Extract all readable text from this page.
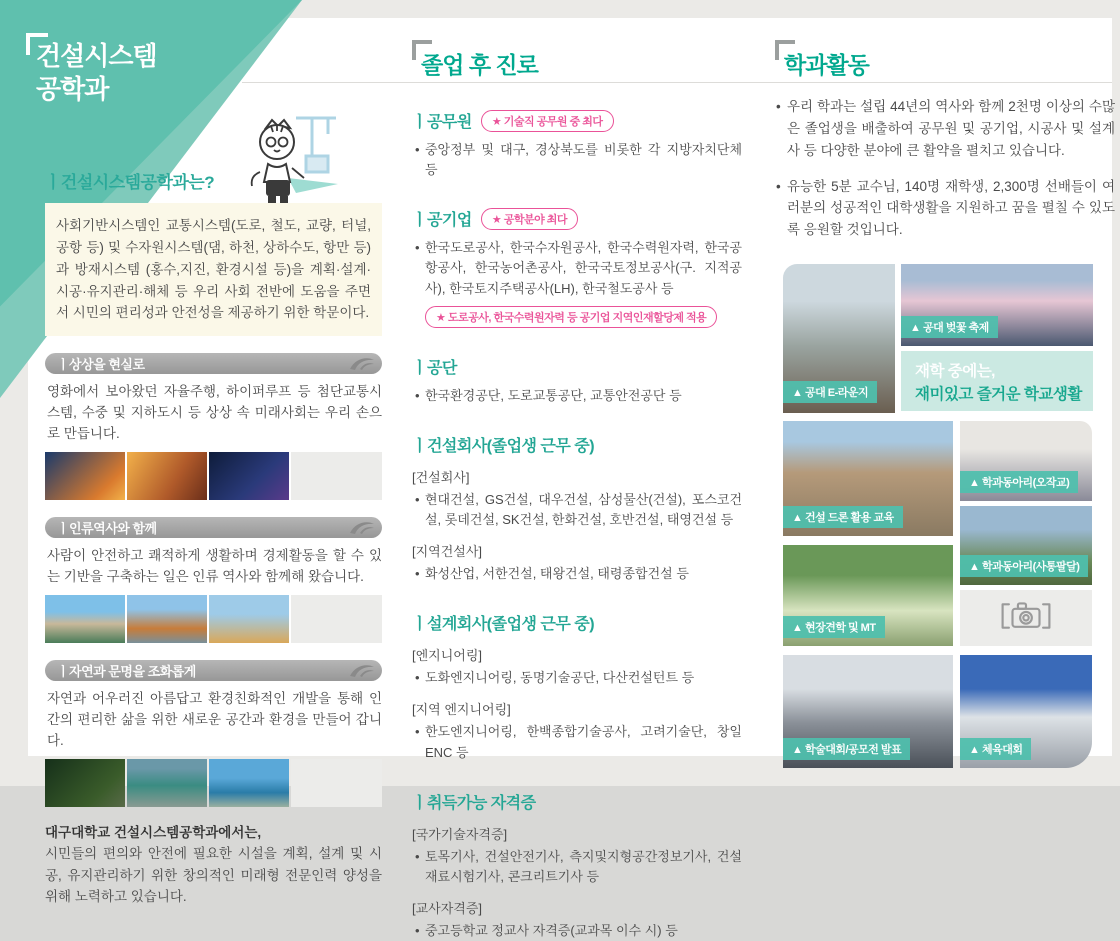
건설시스템
공학과
ㅣ건설시스템공학과는?
사회기반시스템인 교통시스템(도로, 철도, 교량, 터널, 공항 등) 및 수자원시스템(댐, 하천, 상하수도, 항만 등)과 방재시스템 (홍수,지진, 환경시설 등)을 계획·설계·시공·유지관리·해체 등 우리 사회 전반에 도움을 주면서 시민의 편리성과 안전성을 제공하기 위한 학문이다.
ㅣ상상을 현실로

영화에서 보아왔던 자율주행, 하이퍼루프 등 첨단교통시스템, 수중 및 지하도시 등 상상 속 미래사회는 우리 손으로 만듭니다.

ㅣ인류역사와 함께

사람이 안전하고 쾌적하게 생활하며 경제활동을 할 수 있는 기반을 구축하는 일은 인류 역사와 함께해 왔습니다.

ㅣ자연과 문명을 조화롭게

자연과 어우러진 아름답고 환경친화적인 개발을 통해 인간의 편리한 삶을 위한 새로운 공간과 환경을 만들어 갑니다.

대구대학교 건설시스템공학과에서는,
시민들의 편의와 안전에 필요한 시설을 계획, 설계 및 시공, 유지관리하기 위한 창의적인 미래형 전문인력 양성을 위해 노력하고 있습니다.
졸업 후 진로
ㅣ공무원	★ 기술직 공무원 중 최다
• 중앙정부 및 대구, 경상북도를 비롯한 각 지방자치단체 등
ㅣ공기업	★ 공학분야 최다
• 한국도로공사, 한국수자원공사, 한국수력원자력, 한국공항공사, 한국농어촌공사, 한국국토정보공사(구. 지적공사), 한국토지주택공사(LH), 한국철도공사 등
★ 도로공사, 한국수력원자력 등 공기업 지역인재할당제 적용
ㅣ공단
• 한국환경공단, 도로교통공단, 교통안전공단 등
ㅣ건설회사(졸업생 근무 중)
[건설회사]
• 현대건설, GS건설, 대우건설, 삼성물산(건설), 포스코건설, 롯데건설, SK건설, 한화건설, 호반건설, 태영건설 등
[지역건설사]
• 화성산업, 서한건설, 태왕건설, 태령종합건설 등
ㅣ설계회사(졸업생 근무 중)
[엔지니어링]
• 도화엔지니어링, 동명기술공단, 다산컨설턴트 등
[지역 엔지니어링]
• 한도엔지니어링, 한백종합기술공사, 고려기술단, 창일ENC 등
ㅣ취득가능 자격증
[국가기술자격증]
• 토목기사, 건설안전기사, 측지및지형공간정보기사, 건설재료시험기사, 콘크리트기사 등
[교사자격증]
• 중고등학교 정교사 자격증(교과목 이수 시) 등
학과활동
• 우리 학과는 설립 44년의 역사와 함께 2천명 이상의 수많은 졸업생을 배출하여 공무원 및 공기업, 시공사 및 설계사 등 다양한 분야에 큰 활약을 펼치고 있습니다.
• 유능한 5분 교수님, 140명 재학생, 2,300명 선배들이 여러분의 성공적인 대학생활을 지원하고 꿈을 펼칠 수 있도록 응원할 것입니다.
▲ 공대 E-라운지
▲ 공대 벚꽃 축제
재학 중에는,
재미있고 즐거운 학교생활
▲ 건설 드론 활용 교육
▲ 학과동아리(오작교)
▲ 학과동아리(사통팔달)
▲ 현장견학 및 MT
▲ 학술대회/공모전 발표	▲ 체육대회
